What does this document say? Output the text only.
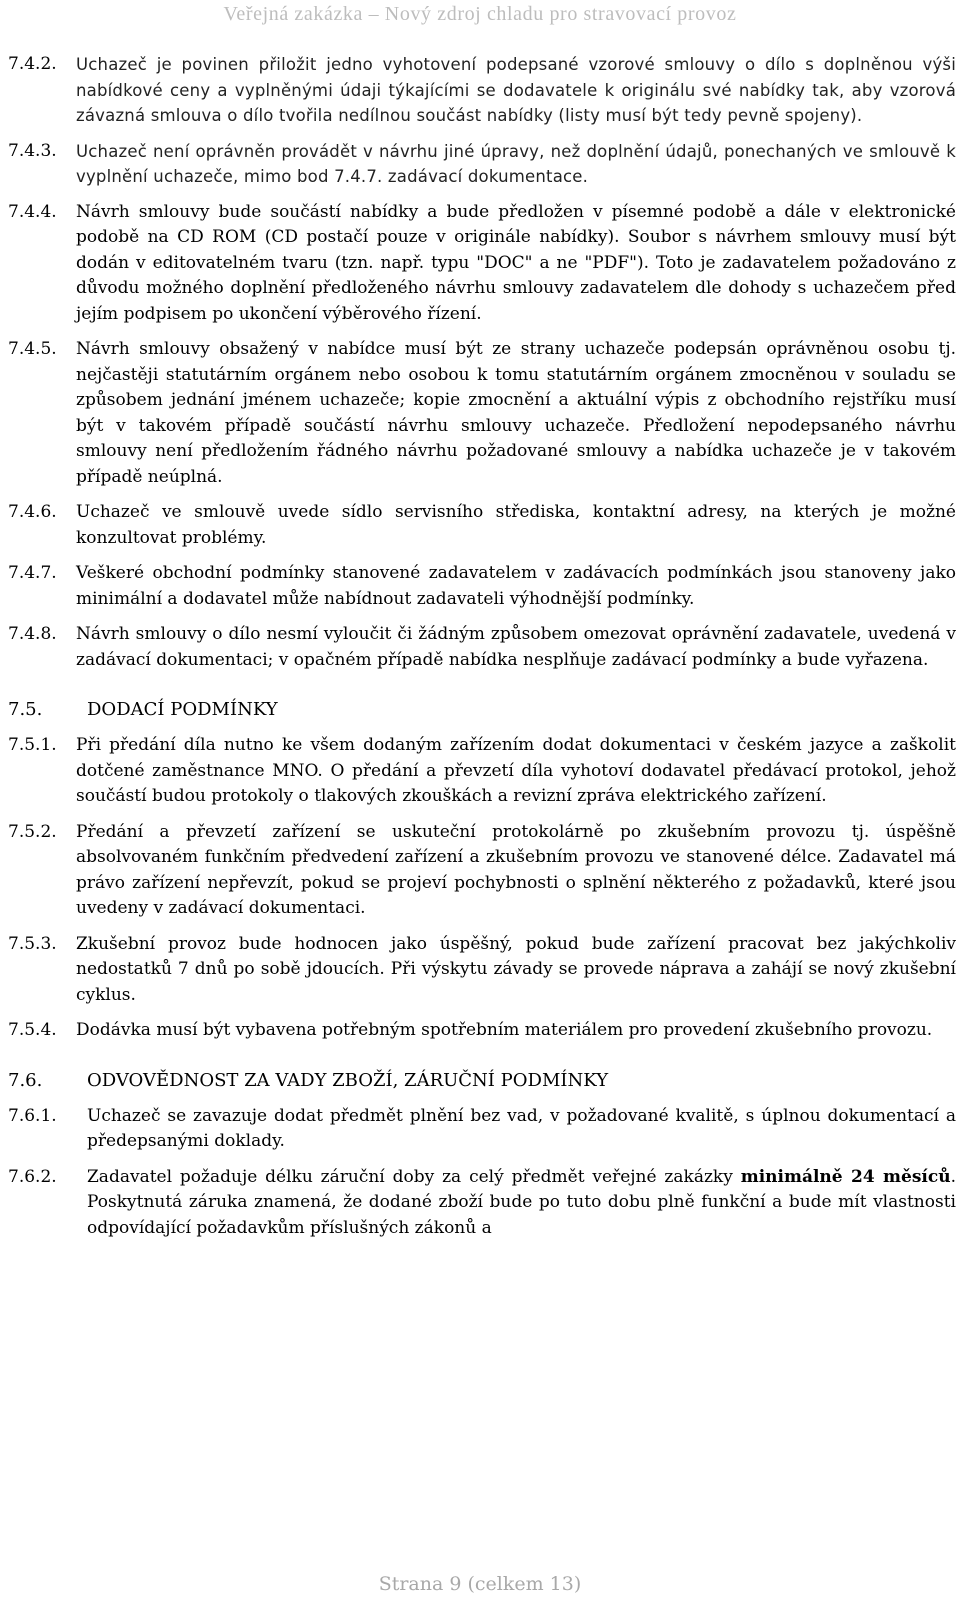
Veřejná zakázka – Nový zdroj chladu pro stravovací provoz
7.4.2.	Uchazeč je povinen přiložit jedno vyhotovení podepsané vzorové smlouvy o dílo s doplněnou výši nabídkové ceny a vyplněnými údaji týkajícími se dodavatele k originálu své nabídky tak, aby vzorová závazná smlouva o dílo tvořila nedílnou součást nabídky (listy musí být tedy pevně spojeny).
7.4.3.	Uchazeč není oprávněn provádět v návrhu jiné úpravy, než doplnění údajů, ponechaných ve smlouvě k vyplnění uchazeče, mimo bod 7.4.7. zadávací dokumentace.
7.4.4.	Návrh smlouvy bude součástí nabídky a bude předložen v písemné podobě a dále v elektronické podobě na CD ROM (CD postačí pouze v originále nabídky). Soubor s návrhem smlouvy musí být dodán v editovatelném tvaru (tzn. např. typu "DOC" a ne "PDF"). Toto je zadavatelem požadováno z důvodu možného doplnění předloženého návrhu smlouvy zadavatelem dle dohody s uchazečem před jejím podpisem po ukončení výběrového řízení.
7.4.5.	Návrh smlouvy obsažený v nabídce musí být ze strany uchazeče podepsán oprávněnou osobu tj. nejčastěji statutárním orgánem nebo osobou k tomu statutárním orgánem zmocněnou v souladu se způsobem jednání jménem uchazeče; kopie zmocnění a aktuální výpis z obchodního rejstříku musí být v takovém případě součástí návrhu smlouvy uchazeče. Předložení nepodepsaného návrhu smlouvy není předložením řádného návrhu požadované smlouvy a nabídka uchazeče je v takovém případě neúplná.
7.4.6.	Uchazeč ve smlouvě uvede sídlo servisního střediska, kontaktní adresy, na kterých je možné konzultovat problémy.
7.4.7.	Veškeré obchodní podmínky stanovené zadavatelem v zadávacích podmínkách jsou stanoveny jako minimální a dodavatel může nabídnout zadavateli výhodnější podmínky.
7.4.8.	Návrh smlouvy o dílo nesmí vyloučit či žádným způsobem omezovat oprávnění zadavatele, uvedená v zadávací dokumentaci; v opačném případě nabídka nesplňuje zadávací podmínky a bude vyřazena.
7.5.	DODACÍ PODMÍNKY
7.5.1.	Při předání díla nutno ke všem dodaným zařízením dodat dokumentaci v českém jazyce a zaškolit dotčené zaměstnance MNO. O předání a převzetí díla vyhotoví dodavatel předávací protokol, jehož součástí budou protokoly o tlakových zkouškách a revizní zpráva elektrického zařízení.
7.5.2.	Předání a převzetí zařízení se uskuteční protokolárně po zkušebním provozu tj. úspěšně absolvovaném funkčním předvedení zařízení a zkušebním provozu ve stanovené délce. Zadavatel má právo zařízení nepřevzít, pokud se projeví pochybnosti o splnění některého z požadavků, které jsou uvedeny v zadávací dokumentaci.
7.5.3.	Zkušební provoz bude hodnocen jako úspěšný, pokud bude zařízení pracovat bez jakýchkoliv nedostatků 7 dnů po sobě jdoucích. Při výskytu závady se provede náprava a zahájí se nový zkušební cyklus.
7.5.4.	Dodávka musí být vybavena potřebným spotřebním materiálem pro provedení zkušebního provozu.
7.6.	ODVOVĚDNOST ZA VADY ZBOŽÍ, ZÁRUČNÍ PODMÍNKY
7.6.1.	Uchazeč se zavazuje dodat předmět plnění bez vad, v požadované kvalitě, s úplnou dokumentací a předepsanými doklady.
7.6.2.	Zadavatel požaduje délku záruční doby za celý předmět veřejné zakázky minimálně 24 měsíců. Poskytnutá záruka znamená, že dodané zboží bude po tuto dobu plně funkční a bude mít vlastnosti odpovídající požadavkům příslušných zákonů a
Strana 9 (celkem 13)
